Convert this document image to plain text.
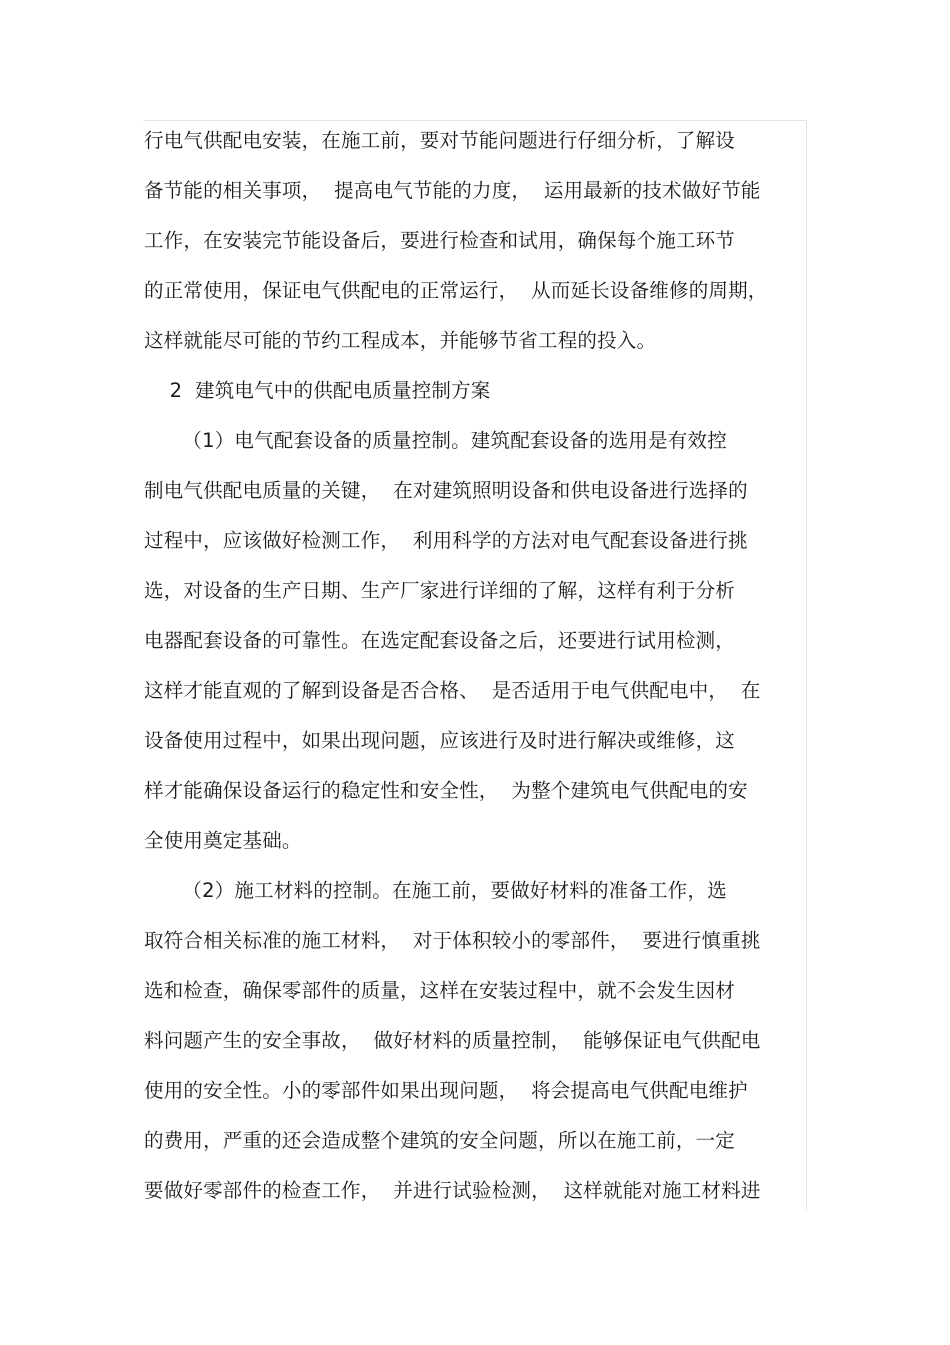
行电气供配电安装，在施工前，要对节能问题进行仔细分析，了解设
备节能的相关事项，  提高电气节能的力度，  运用最新的技术做好节能
工作，在安装完节能设备后，要进行检查和试用，确保每个施工环节
的正常使用，保证电气供配电的正常运行，  从而延长设备维修的周期，
这样就能尽可能的节约工程成本，并能够节省工程的投入。
2  建筑电气中的供配电质量控制方案
（1）电气配套设备的质量控制。建筑配套设备的选用是有效控
制电气供配电质量的关键，  在对建筑照明设备和供电设备进行选择的
过程中，应该做好检测工作，  利用科学的方法对电气配套设备进行挑
选，对设备的生产日期、生产厂家进行详细的了解，这样有利于分析
电器配套设备的可靠性。在选定配套设备之后，还要进行试用检测，
这样才能直观的了解到设备是否合格、  是否适用于电气供配电中，  在
设备使用过程中，如果出现问题，应该进行及时进行解决或维修，这
样才能确保设备运行的稳定性和安全性，  为整个建筑电气供配电的安
全使用奠定基础。
（2）施工材料的控制。在施工前，要做好材料的准备工作，选
取符合相关标准的施工材料，  对于体积较小的零部件，  要进行慎重挑
选和检查，确保零部件的质量，这样在安装过程中，就不会发生因材
料问题产生的安全事故，  做好材料的质量控制，  能够保证电气供配电
使用的安全性。小的零部件如果出现问题，  将会提高电气供配电维护
的费用，严重的还会造成整个建筑的安全问题，所以在施工前，一定
要做好零部件的检查工作，  并进行试验检测，  这样就能对施工材料进
